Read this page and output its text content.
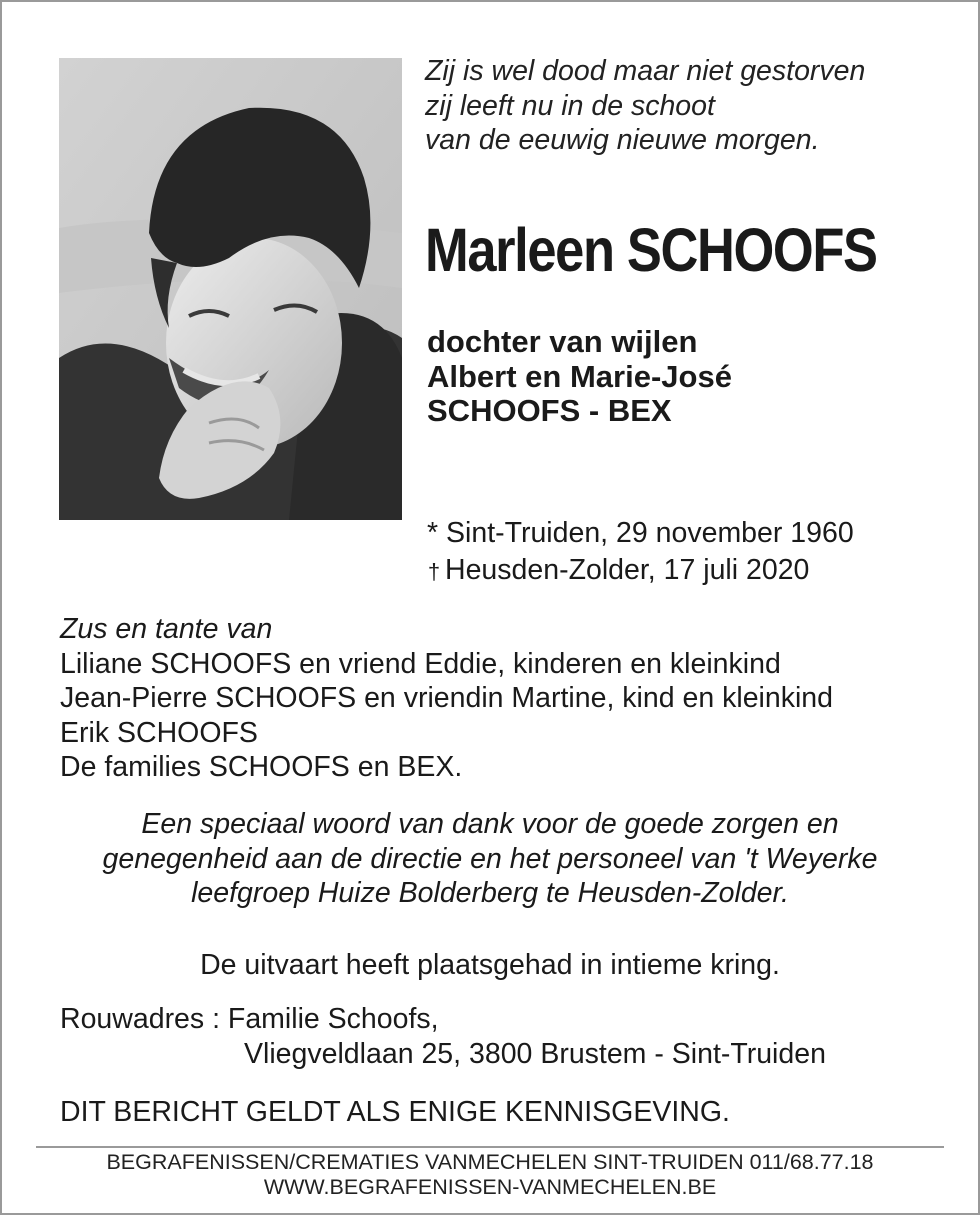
Zij is wel dood maar niet gestorven
zij leeft nu in de schoot
van de eeuwig nieuwe morgen.
Marleen SCHOOFS
dochter van wijlen
Albert en Marie-José
SCHOOFS - BEX
* Sint-Truiden, 29 november 1960
† Heusden-Zolder, 17 juli 2020
Zus en tante van
Liliane SCHOOFS en vriend Eddie, kinderen en kleinkind
Jean-Pierre SCHOOFS en vriendin Martine, kind en kleinkind
Erik SCHOOFS
De families SCHOOFS en BEX.
Een speciaal woord van dank voor de goede zorgen en
genegenheid aan de directie en het personeel van 't Weyerke
leefgroep Huize Bolderberg te Heusden-Zolder.
De uitvaart heeft plaatsgehad in intieme kring.
Rouwadres : Familie Schoofs,
Vliegveldlaan 25, 3800 Brustem - Sint-Truiden
DIT BERICHT GELDT ALS ENIGE KENNISGEVING.
BEGRAFENISSEN/CREMATIES VANMECHELEN SINT-TRUIDEN 011/68.77.18
WWW.BEGRAFENISSEN-VANMECHELEN.BE
